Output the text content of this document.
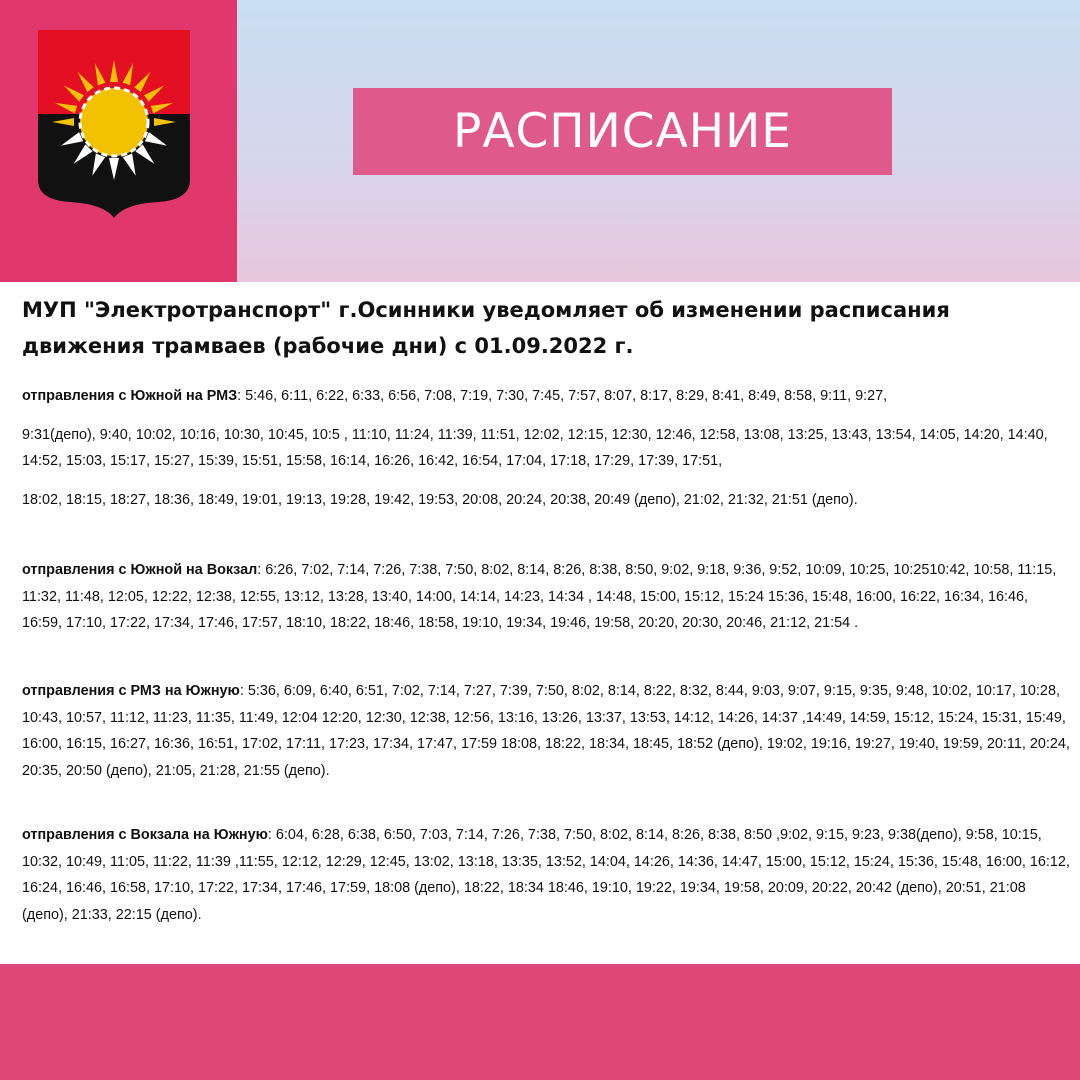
РАСПИСАНИЕ
МУП "Электротранспорт" г.Осинники уведомляет об изменении расписания движения трамваев (рабочие дни) с 01.09.2022 г.
отправления с Южной на РМЗ: 5:46, 6:11, 6:22, 6:33, 6:56, 7:08, 7:19, 7:30, 7:45, 7:57, 8:07, 8:17, 8:29, 8:41, 8:49, 8:58, 9:11, 9:27,
9:31(депо), 9:40, 10:02, 10:16, 10:30, 10:45, 10:5 , 11:10, 11:24, 11:39, 11:51, 12:02, 12:15, 12:30, 12:46, 12:58, 13:08, 13:25, 13:43, 13:54, 14:05, 14:20, 14:40, 14:52, 15:03, 15:17, 15:27, 15:39, 15:51, 15:58, 16:14, 16:26, 16:42, 16:54, 17:04, 17:18, 17:29, 17:39, 17:51,
18:02, 18:15, 18:27, 18:36, 18:49, 19:01, 19:13, 19:28, 19:42, 19:53, 20:08, 20:24, 20:38, 20:49 (депо), 21:02, 21:32, 21:51 (депо).
отправления с Южной на Вокзал: 6:26, 7:02, 7:14, 7:26, 7:38, 7:50, 8:02, 8:14, 8:26, 8:38, 8:50, 9:02, 9:18, 9:36, 9:52, 10:09, 10:25, 10:2510:42, 10:58, 11:15, 11:32, 11:48, 12:05, 12:22, 12:38, 12:55, 13:12, 13:28, 13:40, 14:00, 14:14, 14:23, 14:34 , 14:48, 15:00, 15:12, 15:24 15:36, 15:48, 16:00, 16:22, 16:34, 16:46, 16:59, 17:10, 17:22, 17:34, 17:46, 17:57, 18:10, 18:22, 18:46, 18:58, 19:10, 19:34, 19:46, 19:58, 20:20, 20:30, 20:46, 21:12, 21:54 .
отправления с РМЗ на Южную: 5:36, 6:09, 6:40, 6:51, 7:02, 7:14, 7:27, 7:39, 7:50, 8:02, 8:14, 8:22, 8:32, 8:44, 9:03, 9:07, 9:15, 9:35, 9:48, 10:02, 10:17, 10:28, 10:43, 10:57, 11:12, 11:23, 11:35, 11:49, 12:04 12:20, 12:30, 12:38, 12:56, 13:16, 13:26, 13:37, 13:53, 14:12, 14:26, 14:37 ,14:49, 14:59, 15:12, 15:24, 15:31, 15:49, 16:00, 16:15, 16:27, 16:36, 16:51, 17:02, 17:11, 17:23, 17:34, 17:47, 17:59 18:08, 18:22, 18:34, 18:45, 18:52 (депо), 19:02, 19:16, 19:27, 19:40, 19:59, 20:11, 20:24, 20:35, 20:50 (депо), 21:05, 21:28, 21:55 (депо).
отправления с Вокзала на Южную: 6:04, 6:28, 6:38, 6:50, 7:03, 7:14, 7:26, 7:38, 7:50, 8:02, 8:14, 8:26, 8:38, 8:50 ,9:02, 9:15, 9:23, 9:38(депо), 9:58, 10:15, 10:32, 10:49, 11:05, 11:22, 11:39 ,11:55, 12:12, 12:29, 12:45, 13:02, 13:18, 13:35, 13:52, 14:04, 14:26, 14:36, 14:47, 15:00, 15:12, 15:24, 15:36, 15:48, 16:00, 16:12, 16:24, 16:46, 16:58, 17:10, 17:22, 17:34, 17:46, 17:59, 18:08 (депо), 18:22, 18:34 18:46, 19:10, 19:22, 19:34, 19:58, 20:09, 20:22, 20:42 (депо), 20:51, 21:08 (депо), 21:33, 22:15 (депо).
